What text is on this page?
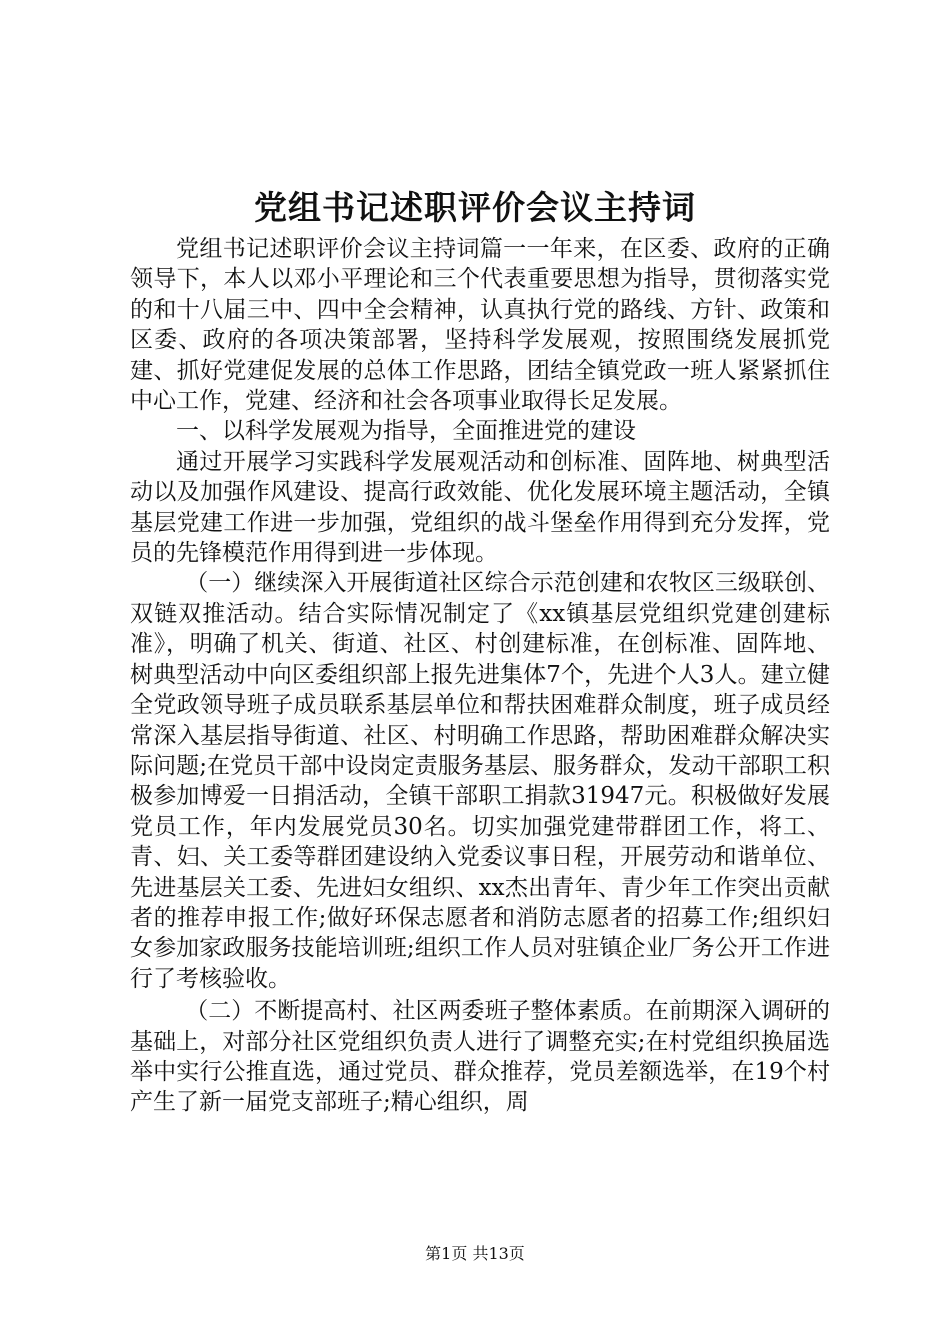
党组书记述职评价会议主持词

党组书记述职评价会议主持词篇一一年来，在区委、政府的正确领导下，本人以邓小平理论和三个代表重要思想为指导，贯彻落实党的和十八届三中、四中全会精神，认真执行党的路线、方针、政策和区委、政府的各项决策部署，坚持科学发展观，按照围绕发展抓党建、抓好党建促发展的总体工作思路，团结全镇党政一班人紧紧抓住中心工作，党建、经济和社会各项事业取得长足发展。

一、以科学发展观为指导，全面推进党的建设

通过开展学习实践科学发展观活动和创标准、固阵地、树典型活动以及加强作风建设、提高行政效能、优化发展环境主题活动，全镇基层党建工作进一步加强，党组织的战斗堡垒作用得到充分发挥，党员的先锋模范作用得到进一步体现。

（一）继续深入开展街道社区综合示范创建和农牧区三级联创、双链双推活动。结合实际情况制定了《xx镇基层党组织党建创建标准》，明确了机关、街道、社区、村创建标准，在创标准、固阵地、树典型活动中向区委组织部上报先进集体7个，先进个人3人。建立健全党政领导班子成员联系基层单位和帮扶困难群众制度，班子成员经常深入基层指导街道、社区、村明确工作思路，帮助困难群众解决实际问题;在党员干部中设岗定责服务基层、服务群众，发动干部职工积极参加博爱一日捐活动，全镇干部职工捐款31947元。积极做好发展党员工作，年内发展党员30名。切实加强党建带群团工作，将工、青、妇、关工委等群团建设纳入党委议事日程，开展劳动和谐单位、先进基层关工委、先进妇女组织、xx杰出青年、青少年工作突出贡献者的推荐申报工作;做好环保志愿者和消防志愿者的招募工作;组织妇女参加家政服务技能培训班;组织工作人员对驻镇企业厂务公开工作进行了考核验收。

（二）不断提高村、社区两委班子整体素质。在前期深入调研的基础上，对部分社区党组织负责人进行了调整充实;在村党组织换届选举中实行公推直选，通过党员、群众推荐，党员差额选举，在19个村产生了新一届党支部班子;精心组织，周

第1页 共13页
